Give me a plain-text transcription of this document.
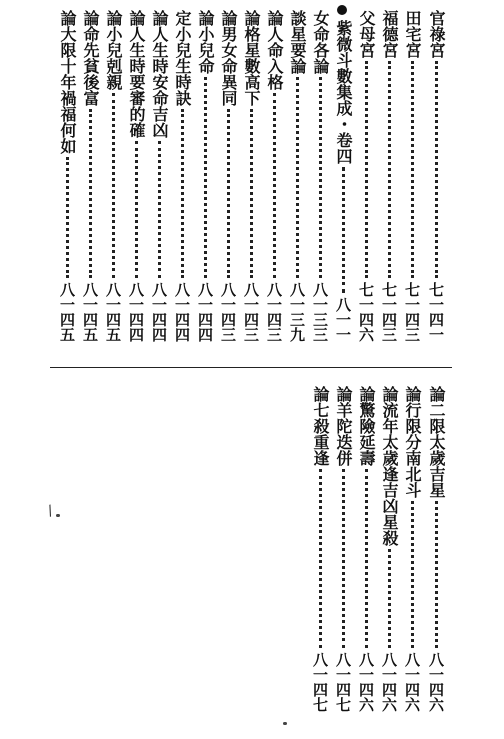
官祿宮
七一四一
田宅宮
七一四三
福德宮
七一四三
父母宮
七一四六
紫微斗數集成・卷四
八一一
女命各論
八一三三
談星要論
八一三九
論人命入格
八一四三
論格星數高下
八一四三
論男女命異同
八一四三
論小兒命
八一四四
定小兒生時訣
八一四四
論人生時安命吉凶
八一四四
論人生時要審的確
八一四四
論小兒剋親
八一四五
論命先貧後富
八一四五
論大限十年禍福何如
八一四五
論二限太歲吉星
八一四六
論行限分南北斗
八一四六
論流年太歲逢吉凶星殺
八一四六
論驚險延壽
八一四六
論羊陀迭併
八一四七
論七殺重逢
八一四七
/
